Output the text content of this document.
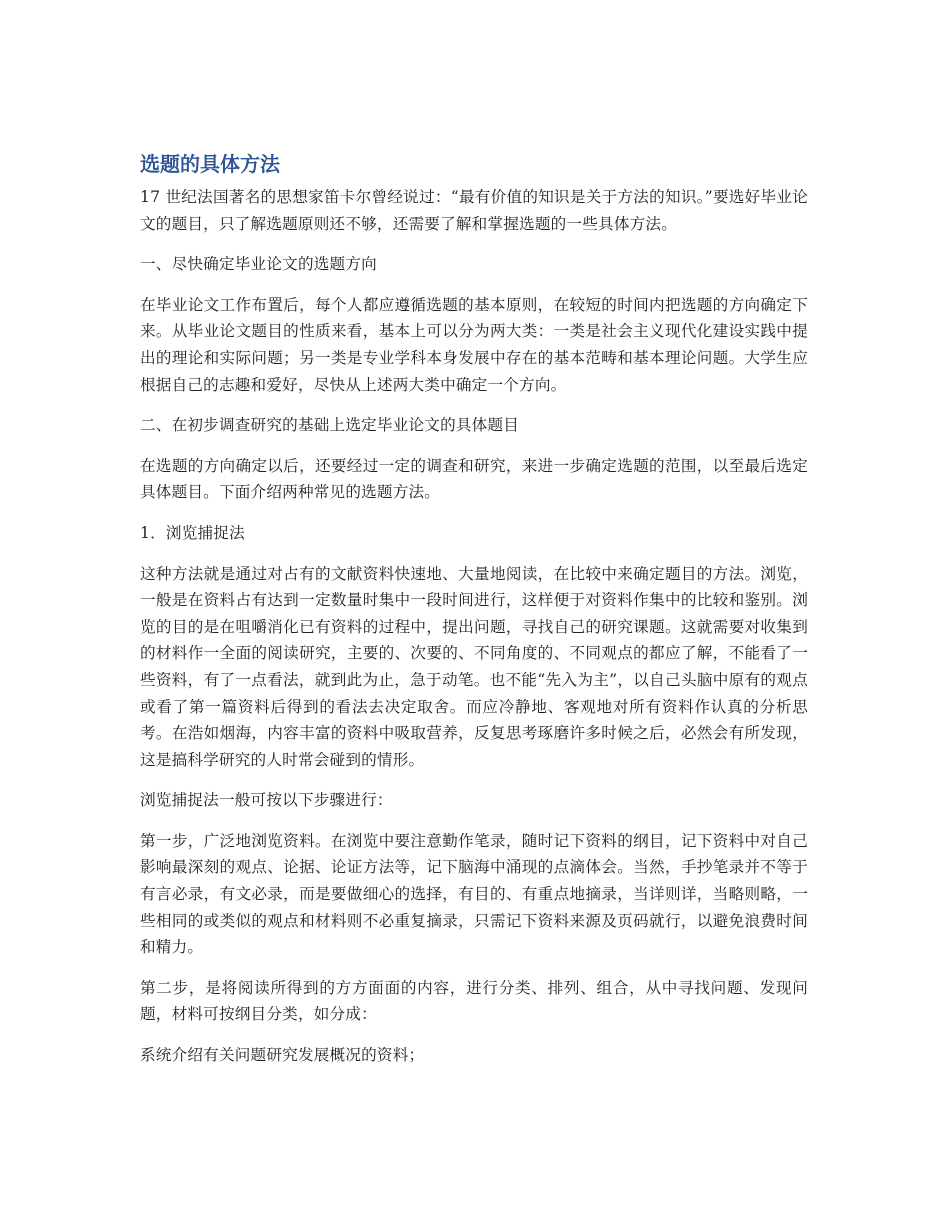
选题的具体方法

17 世纪法国著名的思想家笛卡尔曾经说过：“最有价值的知识是关于方法的知识。”要选好毕业论文的题目，只了解选题原则还不够，还需要了解和掌握选题的一些具体方法。

一、尽快确定毕业论文的选题方向

在毕业论文工作布置后，每个人都应遵循选题的基本原则，在较短的时间内把选题的方向确定下来。从毕业论文题目的性质来看，基本上可以分为两大类：一类是社会主义现代化建设实践中提出的理论和实际问题；另一类是专业学科本身发展中存在的基本范畴和基本理论问题。大学生应根据自己的志趣和爱好，尽快从上述两大类中确定一个方向。

二、在初步调查研究的基础上选定毕业论文的具体题目

在选题的方向确定以后，还要经过一定的调查和研究，来进一步确定选题的范围，以至最后选定具体题目。下面介绍两种常见的选题方法。

1．浏览捕捉法

这种方法就是通过对占有的文献资料快速地、大量地阅读，在比较中来确定题目的方法。浏览，一般是在资料占有达到一定数量时集中一段时间进行，这样便于对资料作集中的比较和鉴别。浏览的目的是在咀嚼消化已有资料的过程中，提出问题，寻找自己的研究课题。这就需要对收集到的材料作一全面的阅读研究，主要的、次要的、不同角度的、不同观点的都应了解，不能看了一些资料，有了一点看法，就到此为止，急于动笔。也不能“先入为主”，以自己头脑中原有的观点或看了第一篇资料后得到的看法去决定取舍。而应冷静地、客观地对所有资料作认真的分析思考。在浩如烟海，内容丰富的资料中吸取营养，反复思考琢磨许多时候之后，必然会有所发现，这是搞科学研究的人时常会碰到的情形。

浏览捕捉法一般可按以下步骤进行：

第一步，广泛地浏览资料。在浏览中要注意勤作笔录，随时记下资料的纲目，记下资料中对自己影响最深刻的观点、论据、论证方法等，记下脑海中涌现的点滴体会。当然，手抄笔录并不等于有言必录，有文必录，而是要做细心的选择，有目的、有重点地摘录，当详则详，当略则略，一些相同的或类似的观点和材料则不必重复摘录，只需记下资料来源及页码就行，以避免浪费时间和精力。

第二步，是将阅读所得到的方方面面的内容，进行分类、排列、组合，从中寻找问题、发现问题，材料可按纲目分类，如分成：

系统介绍有关问题研究发展概况的资料；
